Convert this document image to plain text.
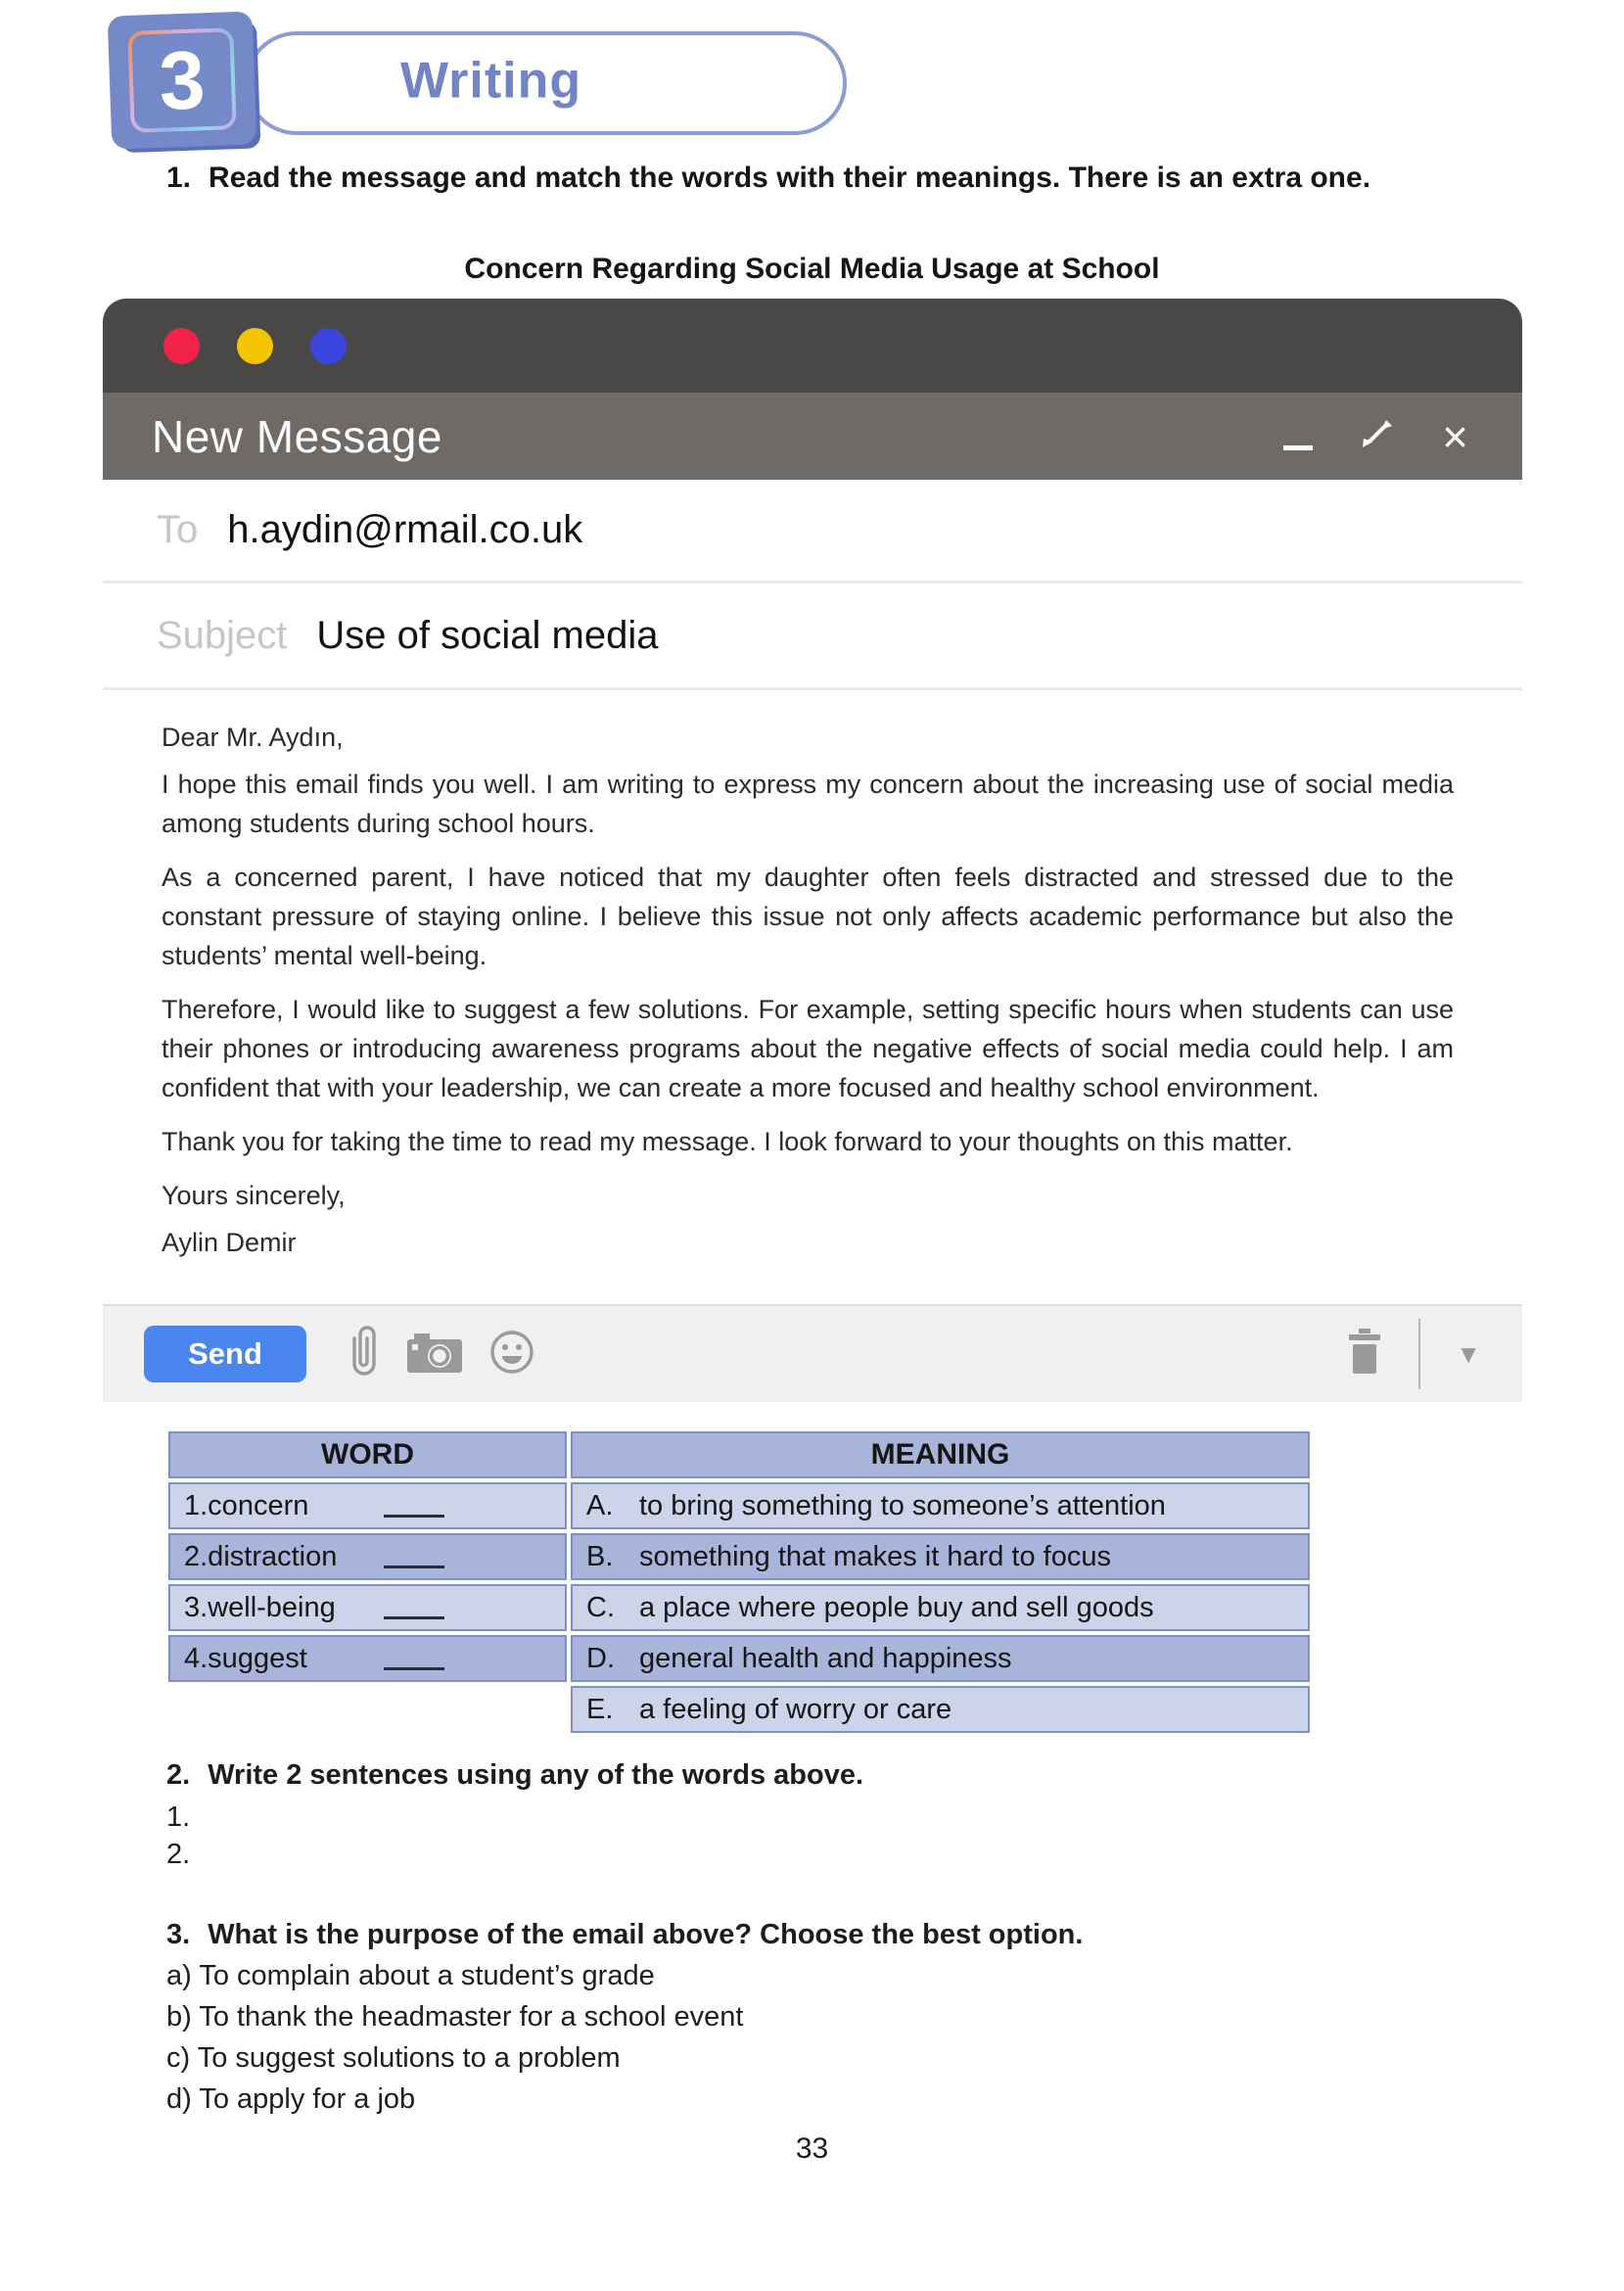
Writing
3
1. Read the message and match the words with their meanings. There is an extra one.
Concern Regarding Social Media Usage at School
New Message	×
To h.aydin@rmail.co.uk
Subject Use of social media

Dear Mr. Aydın,

I hope this email finds you well. I am writing to express my concern about the increasing use of social media among students during school hours.

As a concerned parent, I have noticed that my daughter often feels distracted and stressed due to the constant pressure of staying online. I believe this issue not only affects academic performance but also the students’ mental well-being.

Therefore, I would like to suggest a few solutions. For example, setting specific hours when students can use their phones or introducing awareness programs about the negative effects of social media could help. I am confident that with your leadership, we can create a more focused and healthy school environment.

Thank you for taking the time to read my message. I look forward to your thoughts on this matter.

Yours sincerely,

Aylin Demir

Send	▼
WORD	MEANING
1.concern	A. to bring something to someone’s attention
2.distraction	B. something that makes it hard to focus
3.well-being	C. a place where people buy and sell goods
4.suggest	D. general health and happiness
E. a feeling of worry or care
2. Write 2 sentences using any of the words above.
1.
2.
3. What is the purpose of the email above? Choose the best option.
a) To complain about a student’s grade
b) To thank the headmaster for a school event
c) To suggest solutions to a problem
d) To apply for a job
33
